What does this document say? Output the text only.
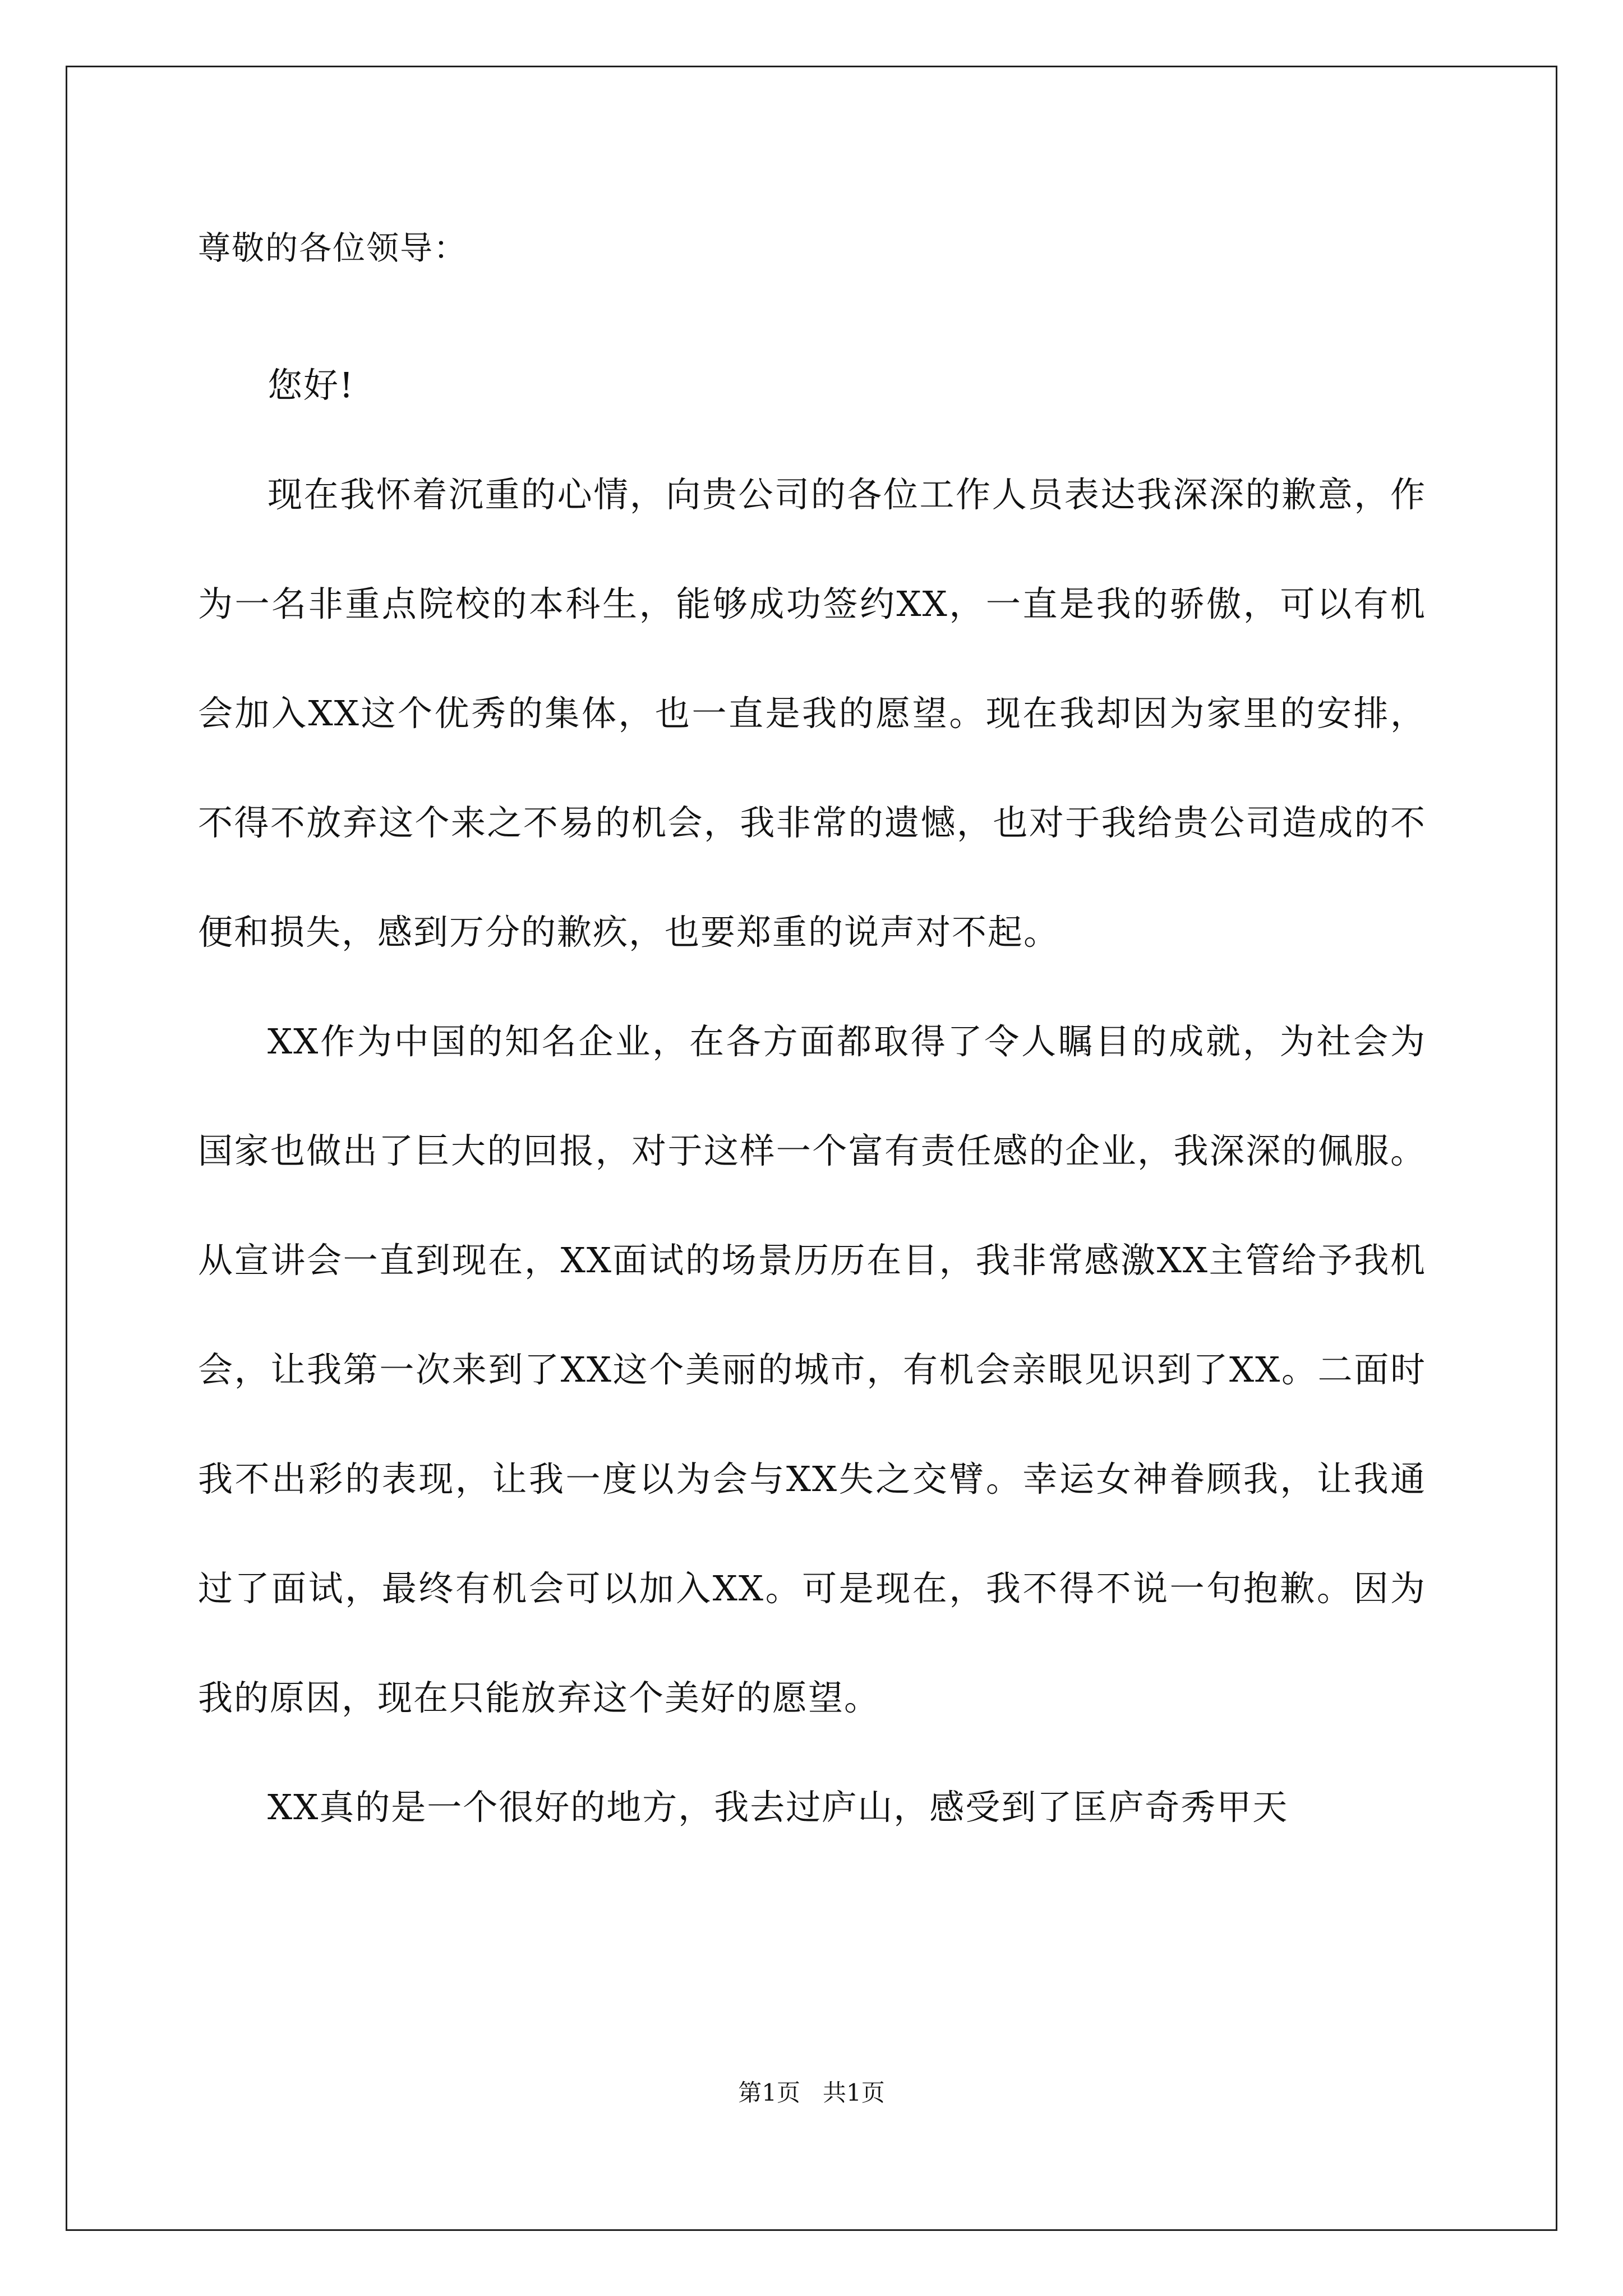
尊敬的各位领导：

您好!

现在我怀着沉重的心情，向贵公司的各位工作人员表达我深深的歉意，作为一名非重点院校的本科生，能够成功签约XX，一直是我的骄傲，可以有机会加入XX这个优秀的集体，也一直是我的愿望。现在我却因为家里的安排，不得不放弃这个来之不易的机会，我非常的遗憾，也对于我给贵公司造成的不便和损失，感到万分的歉疚，也要郑重的说声对不起。

XX作为中国的知名企业，在各方面都取得了令人瞩目的成就，为社会为国家也做出了巨大的回报，对于这样一个富有责任感的企业，我深深的佩服。从宣讲会一直到现在，XX面试的场景历历在目，我非常感激XX主管给予我机会，让我第一次来到了XX这个美丽的城市，有机会亲眼见识到了XX。二面时我不出彩的表现，让我一度以为会与XX失之交臂。幸运女神眷顾我，让我通过了面试，最终有机会可以加入XX。可是现在，我不得不说一句抱歉。因为我的原因，现在只能放弃这个美好的愿望。

XX真的是一个很好的地方，我去过庐山，感受到了匡庐奇秀甲天

第1页 共1页
